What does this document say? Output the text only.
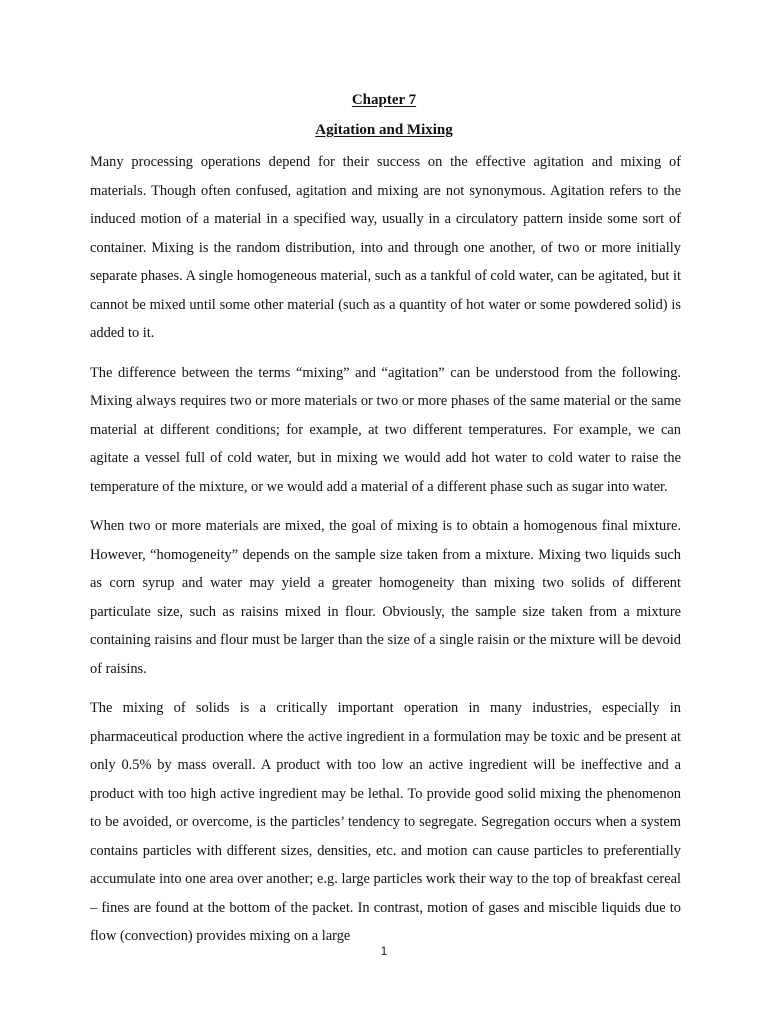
Chapter 7
Agitation and Mixing

Many processing operations depend for their success on the effective agitation and mixing of materials. Though often confused, agitation and mixing are not synonymous. Agitation refers to the induced motion of a material in a specified way, usually in a circulatory pattern inside some sort of container. Mixing is the random distribution, into and through one another, of two or more initially separate phases. A single homogeneous material, such as a tankful of cold water, can be agitated, but it cannot be mixed until some other material (such as a quantity of hot water or some powdered solid) is added to it.

The difference between the terms “mixing” and “agitation” can be understood from the following. Mixing always requires two or more materials or two or more phases of the same material or the same material at different conditions; for example, at two different temperatures. For example, we can agitate a vessel full of cold water, but in mixing we would add hot water to cold water to raise the temperature of the mixture, or we would add a material of a different phase such as sugar into water.

When two or more materials are mixed, the goal of mixing is to obtain a homogenous final mixture. However, “homogeneity” depends on the sample size taken from a mixture. Mixing two liquids such as corn syrup and water may yield a greater homogeneity than mixing two solids of different particulate size, such as raisins mixed in flour. Obviously, the sample size taken from a mixture containing raisins and flour must be larger than the size of a single raisin or the mixture will be devoid of raisins.

The mixing of solids is a critically important operation in many industries, especially in pharmaceutical production where the active ingredient in a formulation may be toxic and be present at only 0.5% by mass overall. A product with too low an active ingredient will be ineffective and a product with too high active ingredient may be lethal. To provide good solid mixing the phenomenon to be avoided, or overcome, is the particles’ tendency to segregate. Segregation occurs when a system contains particles with different sizes, densities, etc. and motion can cause particles to preferentially accumulate into one area over another; e.g. large particles work their way to the top of breakfast cereal – fines are found at the bottom of the packet. In contrast, motion of gases and miscible liquids due to flow (convection) provides mixing on a large

1
